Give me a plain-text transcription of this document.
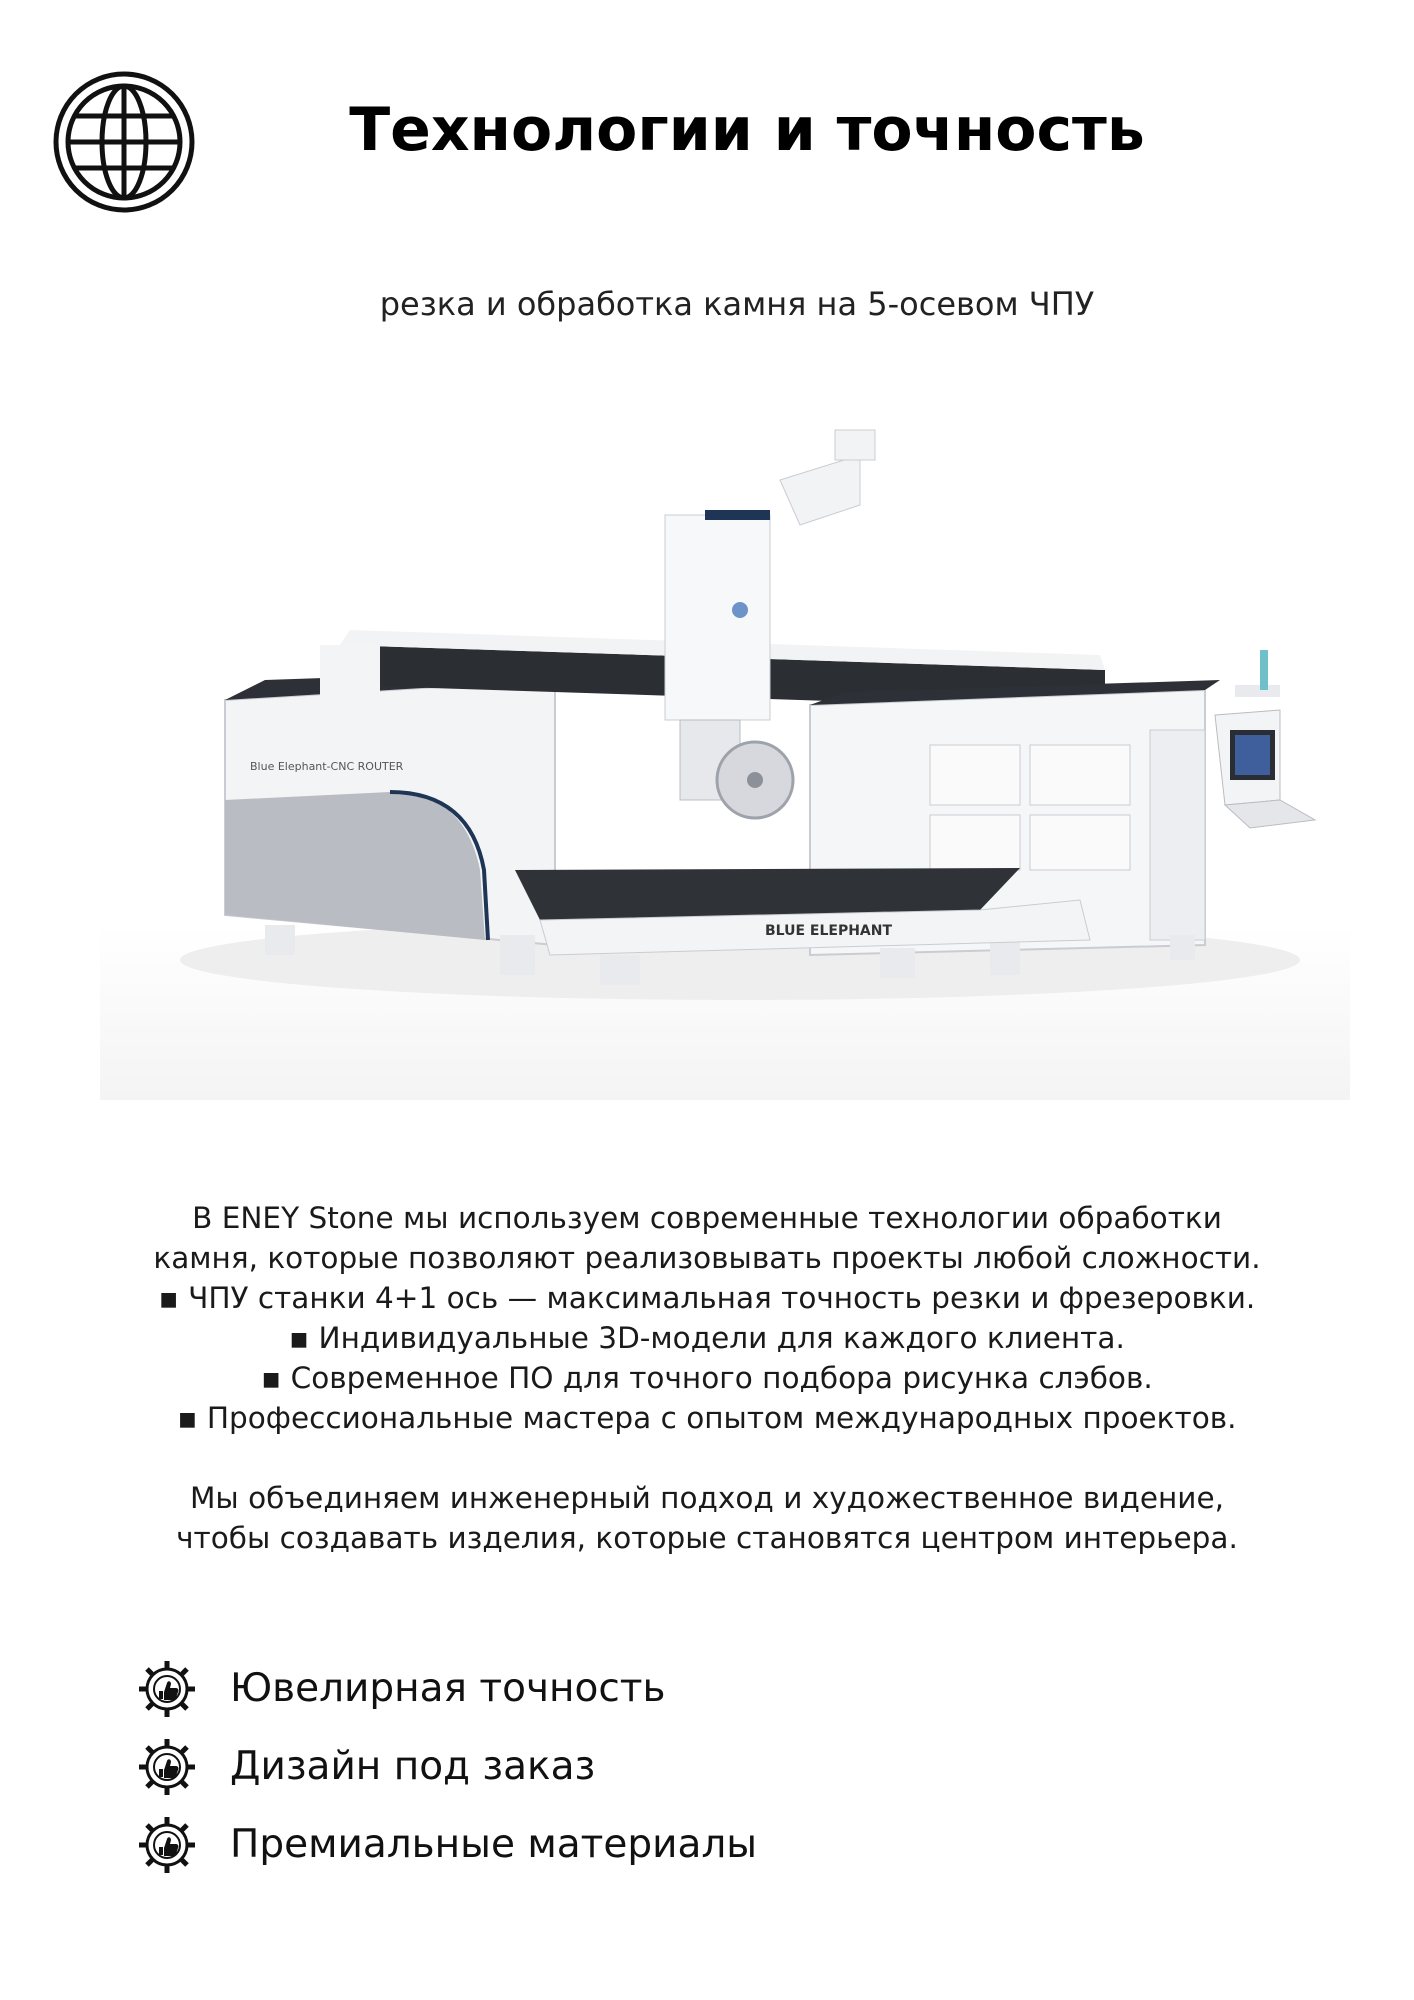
Технологии и точность
резка и обработка камня на 5-осевом ЧПУ
Blue Elephant-CNC ROUTER
BLUE ELEPHANT

В ENEY Stone мы используем современные технологии обработки

камня, которые позволяют реализовывать проекты любой сложности.

▪ ЧПУ станки 4+1 ось — максимальная точность резки и фрезеровки.

▪ Индивидуальные 3D-модели для каждого клиента.

▪ Современное ПО для точного подбора рисунка слэбов.

▪ Профессиональные мастера с опытом международных проектов.

Мы объединяем инженерный подход и художественное видение,

чтобы создавать изделия, которые становятся центром интерьера.

Ювелирная точность
Дизайн под заказ
Премиальные материалы
